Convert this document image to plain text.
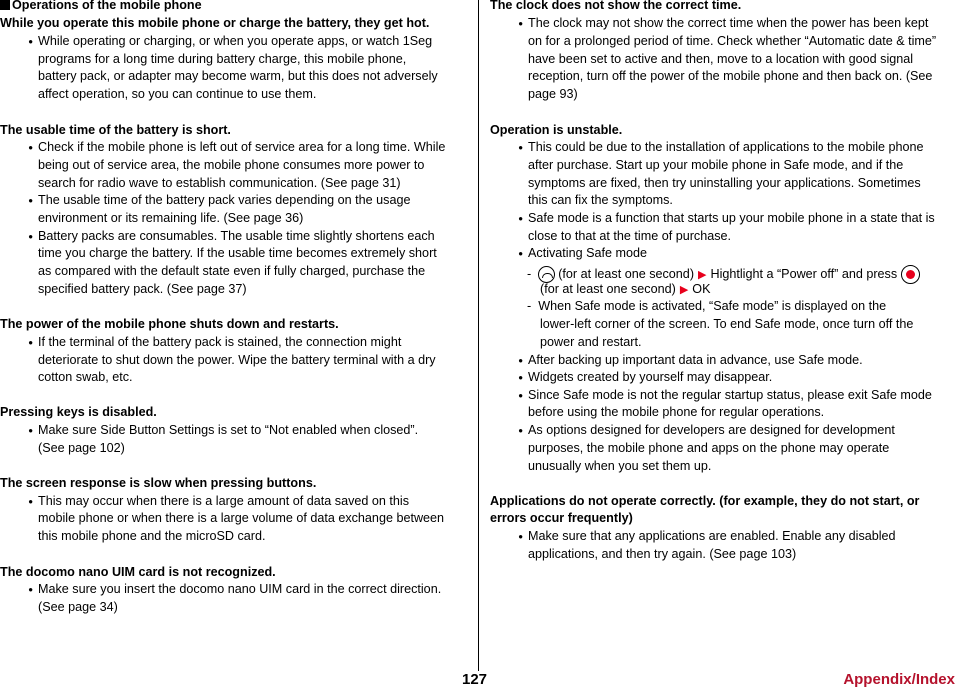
Operations of the mobile phone
While you operate this mobile phone or charge the battery, they get hot.
● While operating or charging, or when you operate apps, or watch 1Seg
programs for a long time during battery charge, this mobile phone,
battery pack, or adapter may become warm, but this does not adversely
affect operation, so you can continue to use them.
The usable time of the battery is short.
● Check if the mobile phone is left out of service area for a long time. While
being out of service area, the mobile phone consumes more power to
search for radio wave to establish communication. (See page 31)
● The usable time of the battery pack varies depending on the usage
environment or its remaining life. (See page 36)
● Battery packs are consumables. The usable time slightly shortens each
time you charge the battery. If the usable time becomes extremely short
as compared with the default state even if fully charged, purchase the
specified battery pack. (See page 37)
The power of the mobile phone shuts down and restarts.
● If the terminal of the battery pack is stained, the connection might
deteriorate to shut down the power. Wipe the battery terminal with a dry
cotton swab, etc.
Pressing keys is disabled.
● Make sure Side Button Settings is set to “Not enabled when closed”.
(See page 102)
The screen response is slow when pressing buttons.
● This may occur when there is a large amount of data saved on this
mobile phone or when there is a large volume of data exchange between
this mobile phone and the microSD card.
The docomo nano UIM card is not recognized.
● Make sure you insert the docomo nano UIM card in the correct direction.
(See page 34)
The clock does not show the correct time.
● The clock may not show the correct time when the power has been kept
on for a prolonged period of time. Check whether “Automatic date & time”
have been set to active and then, move to a location with good signal
reception, turn off the power of the mobile phone and then back on. (See
page 93)
Operation is unstable.
● This could be due to the installation of applications to the mobile phone
after purchase. Start up your mobile phone in Safe mode, and if the
symptoms are fixed, then try uninstalling your applications. Sometimes
this can fix the symptoms.
● Safe mode is a function that starts up your mobile phone in a state that is
close to that at the time of purchase.
● Activating Safe mode
-  (for at least one second) ▶ Hightlight a “Power off” and press
(for at least one second) ▶ OK
-  When Safe mode is activated, “Safe mode” is displayed on the
lower-left corner of the screen. To end Safe mode, once turn off the
power and restart.
● After backing up important data in advance, use Safe mode.
● Widgets created by yourself may disappear.
● Since Safe mode is not the regular startup status, please exit Safe mode
before using the mobile phone for regular operations.
● As options designed for developers are designed for development
purposes, the mobile phone and apps on the phone may operate
unusually when you set them up.
Applications do not operate correctly. (for example, they do not start, or
errors occur frequently)
● Make sure that any applications are enabled. Enable any disabled
applications, and then try again. (See page 103)
127	Appendix/Index
